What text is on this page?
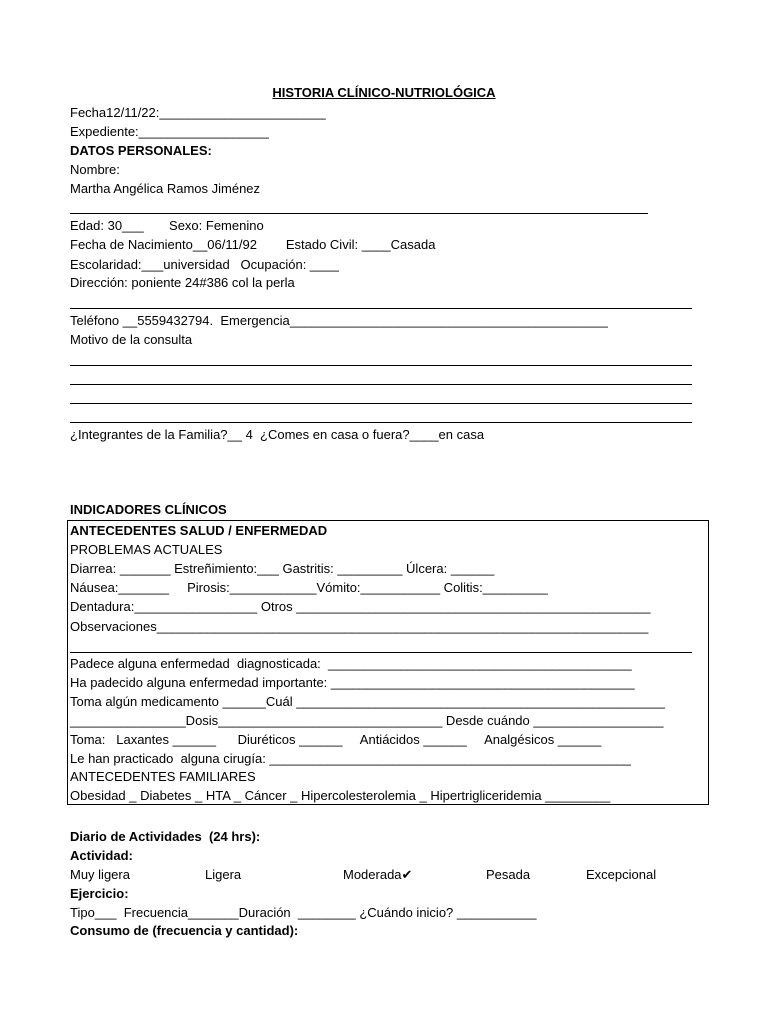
HISTORIA CLÍNICO-NUTRIOLÓGICA
Fecha12/11/22:_______________________
Expediente:__________________
DATOS PERSONALES:
Nombre:
Martha Angélica Ramos Jiménez
Edad: 30___       Sexo: Femenino
Fecha de Nacimiento__06/11/92        Estado Civil: ____Casada
Escolaridad:___universidad   Ocupación: ____
Dirección: poniente 24#386 col la perla
Teléfono __5559432794.  Emergencia____________________________________________
Motivo de la consulta
¿Integrantes de la Familia?__ 4  ¿Comes en casa o fuera?____en casa
INDICADORES CLÍNICOS
ANTECEDENTES SALUD / ENFERMEDAD
PROBLEMAS ACTUALES
Diarrea: _______ Estreñimiento:___ Gastritis: _________ Úlcera: ______
Náusea:_______     Pirosis:____________Vómito:___________ Colitis:_________
Dentadura:_________________ Otros _________________________________________________
Observaciones____________________________________________________________________
Padece alguna enfermedad  diagnosticada:  __________________________________________
Ha padecido alguna enfermedad importante: __________________________________________
Toma algún medicamento ______Cuál ___________________________________________________
________________Dosis_______________________________ Desde cuándo __________________
Toma:   Laxantes ______      Diuréticos ______     Antiácidos ______     Analgésicos ______
Le han practicado  alguna cirugía: __________________________________________________
ANTECEDENTES FAMILIARES
Obesidad _ Diabetes _ HTA _ Cáncer _ Hipercolesterolemia _ Hipertrigliceridemia _________
Diario de Actividades  (24 hrs):
Actividad:
Muy ligera	Ligera	Moderada✔	Pesada	Excepcional
Ejercicio:
Tipo___  Frecuencia_______Duración  ________ ¿Cuándo inicio? ___________
Consumo de (frecuencia y cantidad):
